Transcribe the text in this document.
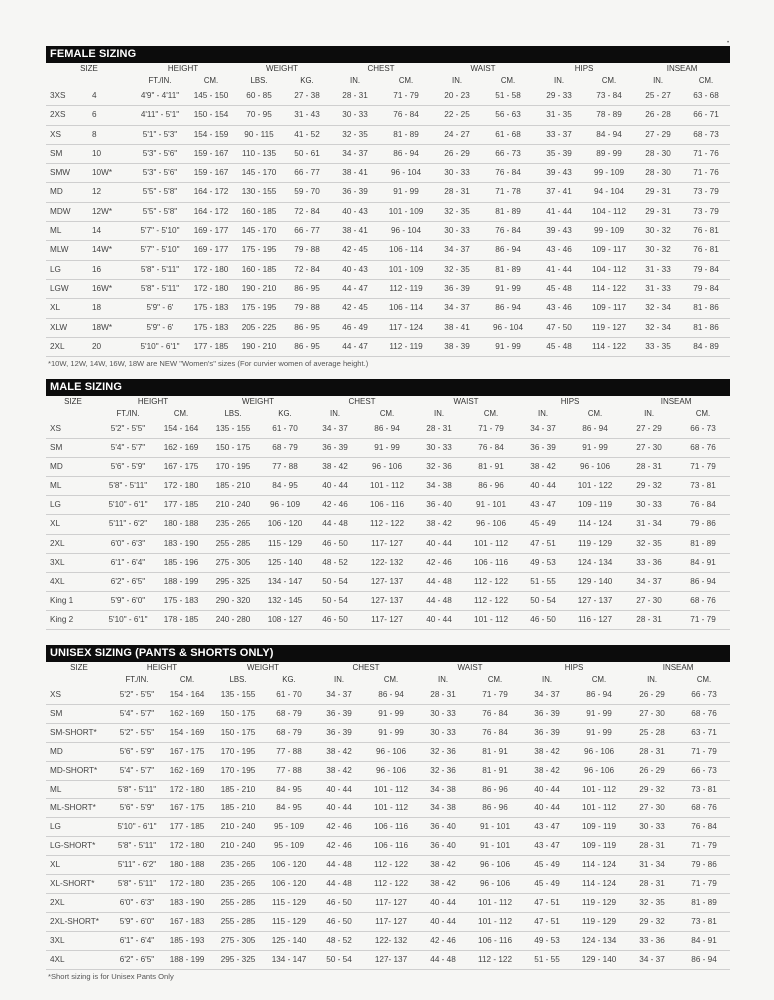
•
FEMALE SIZING
SIZE		HEIGHT		WEIGHT		CHEST		WAIST		HIPS		INSEAM	
		FT./IN.	CM.	LBS.	KG.	IN.	CM.	IN.	CM.	IN.	CM.	IN.	CM.
3XS	4	4'9" - 4'11"	145 - 150	60 - 85	27 - 38	28 - 31	71 - 79	20 - 23	51 - 58	29 - 33	73 - 84	25 - 27	63 - 68
2XS	6	4'11" - 5'1"	150 - 154	70 - 95	31 - 43	30 - 33	76 - 84	22 - 25	56 - 63	31 - 35	78 - 89	26 - 28	66 - 71
XS	8	5'1" - 5'3"	154 - 159	90 - 115	41 - 52	32 - 35	81 - 89	24 - 27	61 - 68	33 - 37	84 - 94	27 - 29	68 - 73
SM	10	5'3" - 5'6"	159 - 167	110 - 135	50 - 61	34 - 37	86 - 94	26 - 29	66 - 73	35 - 39	89 - 99	28 - 30	71 - 76
SMW	10W*	5'3" - 5'6"	159 - 167	145 - 170	66 - 77	38 - 41	96 - 104	30 - 33	76 - 84	39 - 43	99 - 109	28 - 30	71 - 76
MD	12	5'5" - 5'8"	164 - 172	130 - 155	59 - 70	36 - 39	91 - 99	28 - 31	71 - 78	37 - 41	94 - 104	29 - 31	73 - 79
MDW	12W*	5'5" - 5'8"	164 - 172	160 - 185	72 - 84	40 - 43	101 - 109	32 - 35	81 - 89	41 - 44	104 - 112	29 - 31	73 - 79
ML	14	5'7" - 5'10"	169 - 177	145 - 170	66 - 77	38 - 41	96 - 104	30 - 33	76 - 84	39 - 43	99 - 109	30 - 32	76 - 81
MLW	14W*	5'7" - 5'10"	169 - 177	175 - 195	79 - 88	42 - 45	106 - 114	34 - 37	86 - 94	43 - 46	109 - 117	30 - 32	76 - 81
LG	16	5'8" - 5'11"	172 - 180	160 - 185	72 - 84	40 - 43	101 - 109	32 - 35	81 - 89	41 - 44	104 - 112	31 - 33	79 - 84
LGW	16W*	5'8" - 5'11"	172 - 180	190 - 210	86 - 95	44 - 47	112 - 119	36 - 39	91 - 99	45 - 48	114 - 122	31 - 33	79 - 84
XL	18	5'9" - 6'	175 - 183	175 - 195	79 - 88	42 - 45	106 - 114	34 - 37	86 - 94	43 - 46	109 - 117	32 - 34	81 - 86
XLW	18W*	5'9" - 6'	175 - 183	205 - 225	86 - 95	46 - 49	117 - 124	38 - 41	96 - 104	47 - 50	119 - 127	32 - 34	81 - 86
2XL	20	5'10" - 6'1"	177 - 185	190 - 210	86 - 95	44 - 47	112 - 119	38 - 39	91 - 99	45 - 48	114 - 122	33 - 35	84 - 89
*10W, 12W, 14W, 16W, 18W are NEW "Women's" sizes (For curvier women of average height.)
MALE SIZING
SIZE	HEIGHT		WEIGHT		CHEST		WAIST		HIPS		INSEAM	
	FT./IN.	CM.	LBS.	KG.	IN.	CM.	IN.	CM.	IN.	CM.	IN.	CM.
XS	5'2" - 5'5"	154 - 164	135 - 155	61 - 70	34 - 37	86 - 94	28 - 31	71 - 79	34 - 37	86 - 94	27 - 29	66 - 73
SM	5'4" - 5'7"	162 - 169	150 - 175	68 - 79	36 - 39	91 - 99	30 - 33	76 - 84	36 - 39	91 - 99	27 - 30	68 - 76
MD	5'6" - 5'9"	167 - 175	170 - 195	77 - 88	38 - 42	96 - 106	32 - 36	81 - 91	38 - 42	96 - 106	28 - 31	71 - 79
ML	5'8" - 5'11"	172 - 180	185 - 210	84 - 95	40 - 44	101 - 112	34 - 38	86 - 96	40 - 44	101 - 122	29 - 32	73 - 81
LG	5'10" - 6'1"	177 - 185	210 - 240	96 - 109	42 - 46	106 - 116	36 - 40	91 - 101	43 - 47	109 - 119	30 - 33	76 - 84
XL	5'11" - 6'2"	180 - 188	235 - 265	106 - 120	44 - 48	112 - 122	38 - 42	96 - 106	45 - 49	114 - 124	31 - 34	79 - 86
2XL	6'0" - 6'3"	183 - 190	255 - 285	115 - 129	46 - 50	117- 127	40 - 44	101 - 112	47 - 51	119 - 129	32 - 35	81 - 89
3XL	6'1" - 6'4"	185 - 196	275 - 305	125 - 140	48 - 52	122- 132	42 - 46	106 - 116	49 - 53	124 - 134	33 - 36	84 - 91
4XL	6'2" - 6'5"	188 - 199	295 - 325	134 - 147	50 - 54	127- 137	44 - 48	112 - 122	51 - 55	129 - 140	34 - 37	86 - 94
King 1	5'9" - 6'0"	175 - 183	290 - 320	132 - 145	50 - 54	127- 137	44 - 48	112 - 122	50 - 54	127 - 137	27 - 30	68 - 76
King 2	5'10" - 6'1"	178 - 185	240 - 280	108 - 127	46 - 50	117- 127	40 - 44	101 - 112	46 - 50	116 - 127	28 - 31	71 - 79
UNISEX SIZING (PANTS & SHORTS ONLY)
SIZE	HEIGHT		WEIGHT		CHEST		WAIST		HIPS		INSEAM	
	FT./IN.	CM.	LBS.	KG.	IN.	CM.	IN.	CM.	IN.	CM.	IN.	CM.
XS	5'2" - 5'5"	154 - 164	135 - 155	61 - 70	34 - 37	86 - 94	28 - 31	71 - 79	34 - 37	86 - 94	26 - 29	66 - 73
SM	5'4" - 5'7"	162 - 169	150 - 175	68 - 79	36 - 39	91 - 99	30 - 33	76 - 84	36 - 39	91 - 99	27 - 30	68 - 76
SM-SHORT*	5'2" - 5'5"	154 - 169	150 - 175	68 - 79	36 - 39	91 - 99	30 - 33	76 - 84	36 - 39	91 - 99	25 - 28	63 - 71
MD	5'6" - 5'9"	167 - 175	170 - 195	77 - 88	38 - 42	96 - 106	32 - 36	81 - 91	38 - 42	96 - 106	28 - 31	71 - 79
MD-SHORT*	5'4" - 5'7"	162 - 169	170 - 195	77 - 88	38 - 42	96 - 106	32 - 36	81 - 91	38 - 42	96 - 106	26 - 29	66 - 73
ML	5'8" - 5'11"	172 - 180	185 - 210	84 - 95	40 - 44	101 - 112	34 - 38	86 - 96	40 - 44	101 - 112	29 - 32	73 - 81
ML-SHORT*	5'6" - 5'9"	167 - 175	185 - 210	84 - 95	40 - 44	101 - 112	34 - 38	86 - 96	40 - 44	101 - 112	27 - 30	68 - 76
LG	5'10" - 6'1"	177 - 185	210 - 240	95 - 109	42 - 46	106 - 116	36 - 40	91 - 101	43 - 47	109 - 119	30 - 33	76 - 84
LG-SHORT*	5'8" - 5'11"	172 - 180	210 - 240	95 - 109	42 - 46	106 - 116	36 - 40	91 - 101	43 - 47	109 - 119	28 - 31	71 - 79
XL	5'11" - 6'2"	180 - 188	235 - 265	106 - 120	44 - 48	112 - 122	38 - 42	96 - 106	45 - 49	114 - 124	31 - 34	79 - 86
XL-SHORT*	5'8" - 5'11"	172 - 180	235 - 265	106 - 120	44 - 48	112 - 122	38 - 42	96 - 106	45 - 49	114 - 124	28 - 31	71 - 79
2XL	6'0" - 6'3"	183 - 190	255 - 285	115 - 129	46 - 50	117- 127	40 - 44	101 - 112	47 - 51	119 - 129	32 - 35	81 - 89
2XL-SHORT*	5'9" - 6'0"	167 - 183	255 - 285	115 - 129	46 - 50	117- 127	40 - 44	101 - 112	47 - 51	119 - 129	29 - 32	73 - 81
3XL	6'1" - 6'4"	185 - 193	275 - 305	125 - 140	48 - 52	122- 132	42 - 46	106 - 116	49 - 53	124 - 134	33 - 36	84 - 91
4XL	6'2" - 6'5"	188 - 199	295 - 325	134 - 147	50 - 54	127- 137	44 - 48	112 - 122	51 - 55	129 - 140	34 - 37	86 - 94
*Short sizing is for Unisex Pants Only
